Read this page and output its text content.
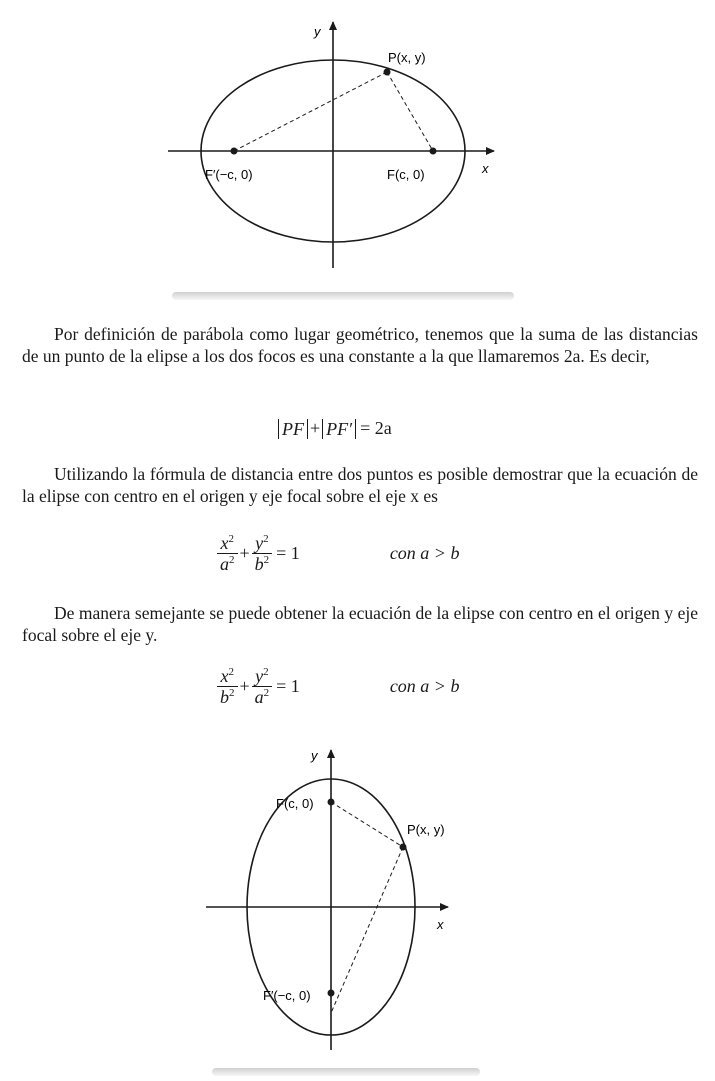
y
x
P(x, y)
F′(−c, 0)	F(c, 0)

Por definición de parábola como lugar geométrico, tenemos que la suma de las distancias de un punto de la elipse a los dos focos es una constante a la que llamaremos 2a. Es decir,

PF + PF′ = 2a

Utilizando la fórmula de distancia entre dos puntos es posible demostrar que la ecuación de la elipse con centro en el origen y eje focal sobre el eje x es

$\frac{x^2}{a^2} + \frac{y^2}{b^2} = 1$	con a > b

De manera semejante se puede obtener la ecuación de la elipse con centro en el origen y eje focal sobre el eje y.

$\frac{x^2}{b^2} + \frac{y^2}{a^2} = 1$	con a > b
y
x
P(x, y)
F(c, 0)
F′(−c, 0)
